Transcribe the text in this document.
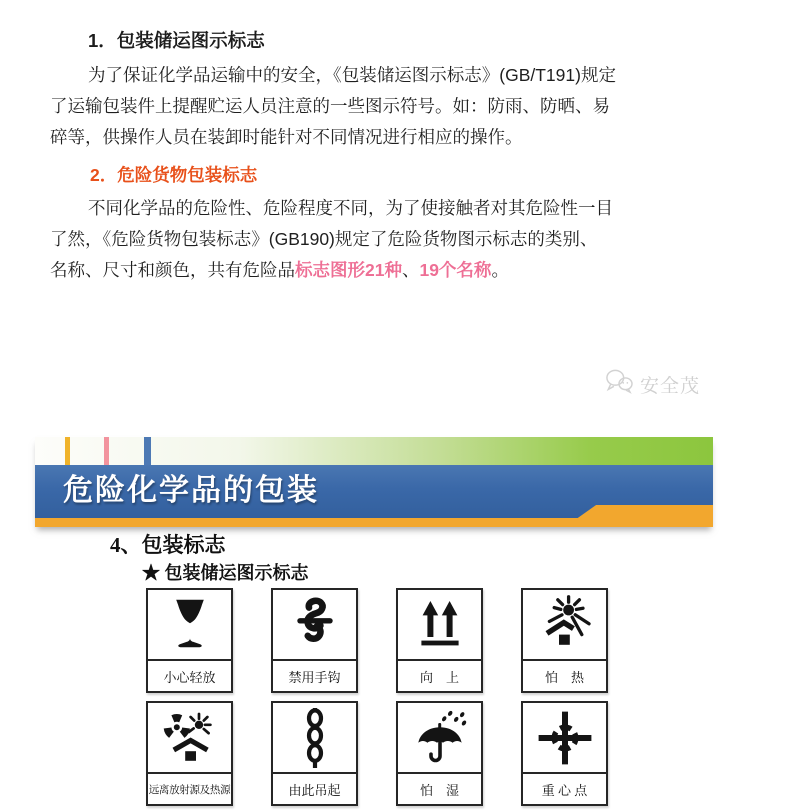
1．包装储运图示标志

为了保证化学品运输中的安全，《包装储运图示标志》(GB/T191)规定

了运输包装件上提醒贮运人员注意的一些图示符号。如：防雨、防晒、易

碎等，供操作人员在装卸时能针对不同情况进行相应的操作。

2．危险货物包装标志

不同化学品的危险性、危险程度不同，为了使接触者对其危险性一目

了然，《危险货物包装标志》(GB190)规定了危险货物图示标志的类别、

名称、尺寸和颜色，共有危险品标志图形21种、19个名称。

安全茂
危险化学品的包装
4、包装标志
★ 包装储运图示标志
小心轻放	禁用手钩	向　上	怕　热
远离放射源及热源	由此吊起	怕　湿	重 心 点
